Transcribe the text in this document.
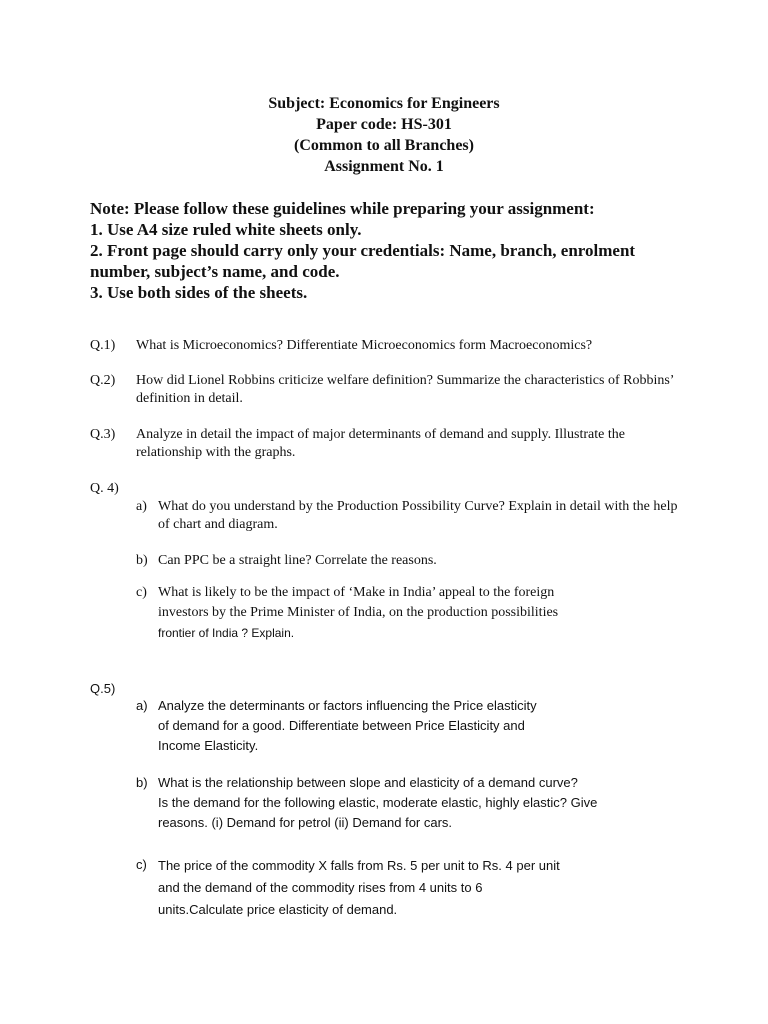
Subject: Economics for Engineers
Paper code: HS-301
(Common to all Branches)
Assignment No. 1
Note: Please follow these guidelines while preparing your assignment:
1. Use A4 size ruled white sheets only.
2. Front page should carry only your credentials: Name, branch, enrolment number, subject’s name, and code.
3. Use both sides of the sheets.
Q.1) What is Microeconomics? Differentiate Microeconomics form Macroeconomics?
Q.2) How did Lionel Robbins criticize welfare definition? Summarize the characteristics of Robbins’ definition in detail.
Q.3) Analyze in detail the impact of major determinants of demand and supply. Illustrate the relationship with the graphs.
Q. 4)
a) What do you understand by the Production Possibility Curve? Explain in detail with the help of chart and diagram.
b) Can PPC be a straight line? Correlate the reasons.
c) What is likely to be the impact of ‘Make in India’ appeal to the foreign
investors by the Prime Minister of India, on the production possibilities
frontier of India ? Explain.
Q.5)
a) Analyze the determinants or factors influencing the Price elasticity
of demand for a good. Differentiate between Price Elasticity and
Income Elasticity.
b) What is the relationship between slope and elasticity of a demand curve?
Is the demand for the following elastic, moderate elastic, highly elastic? Give
reasons. (i) Demand for petrol (ii) Demand for cars.
c) The price of the commodity X falls from Rs. 5 per unit to Rs. 4 per unit
and the demand of the commodity rises from 4 units to 6
units.Calculate price elasticity of demand.
